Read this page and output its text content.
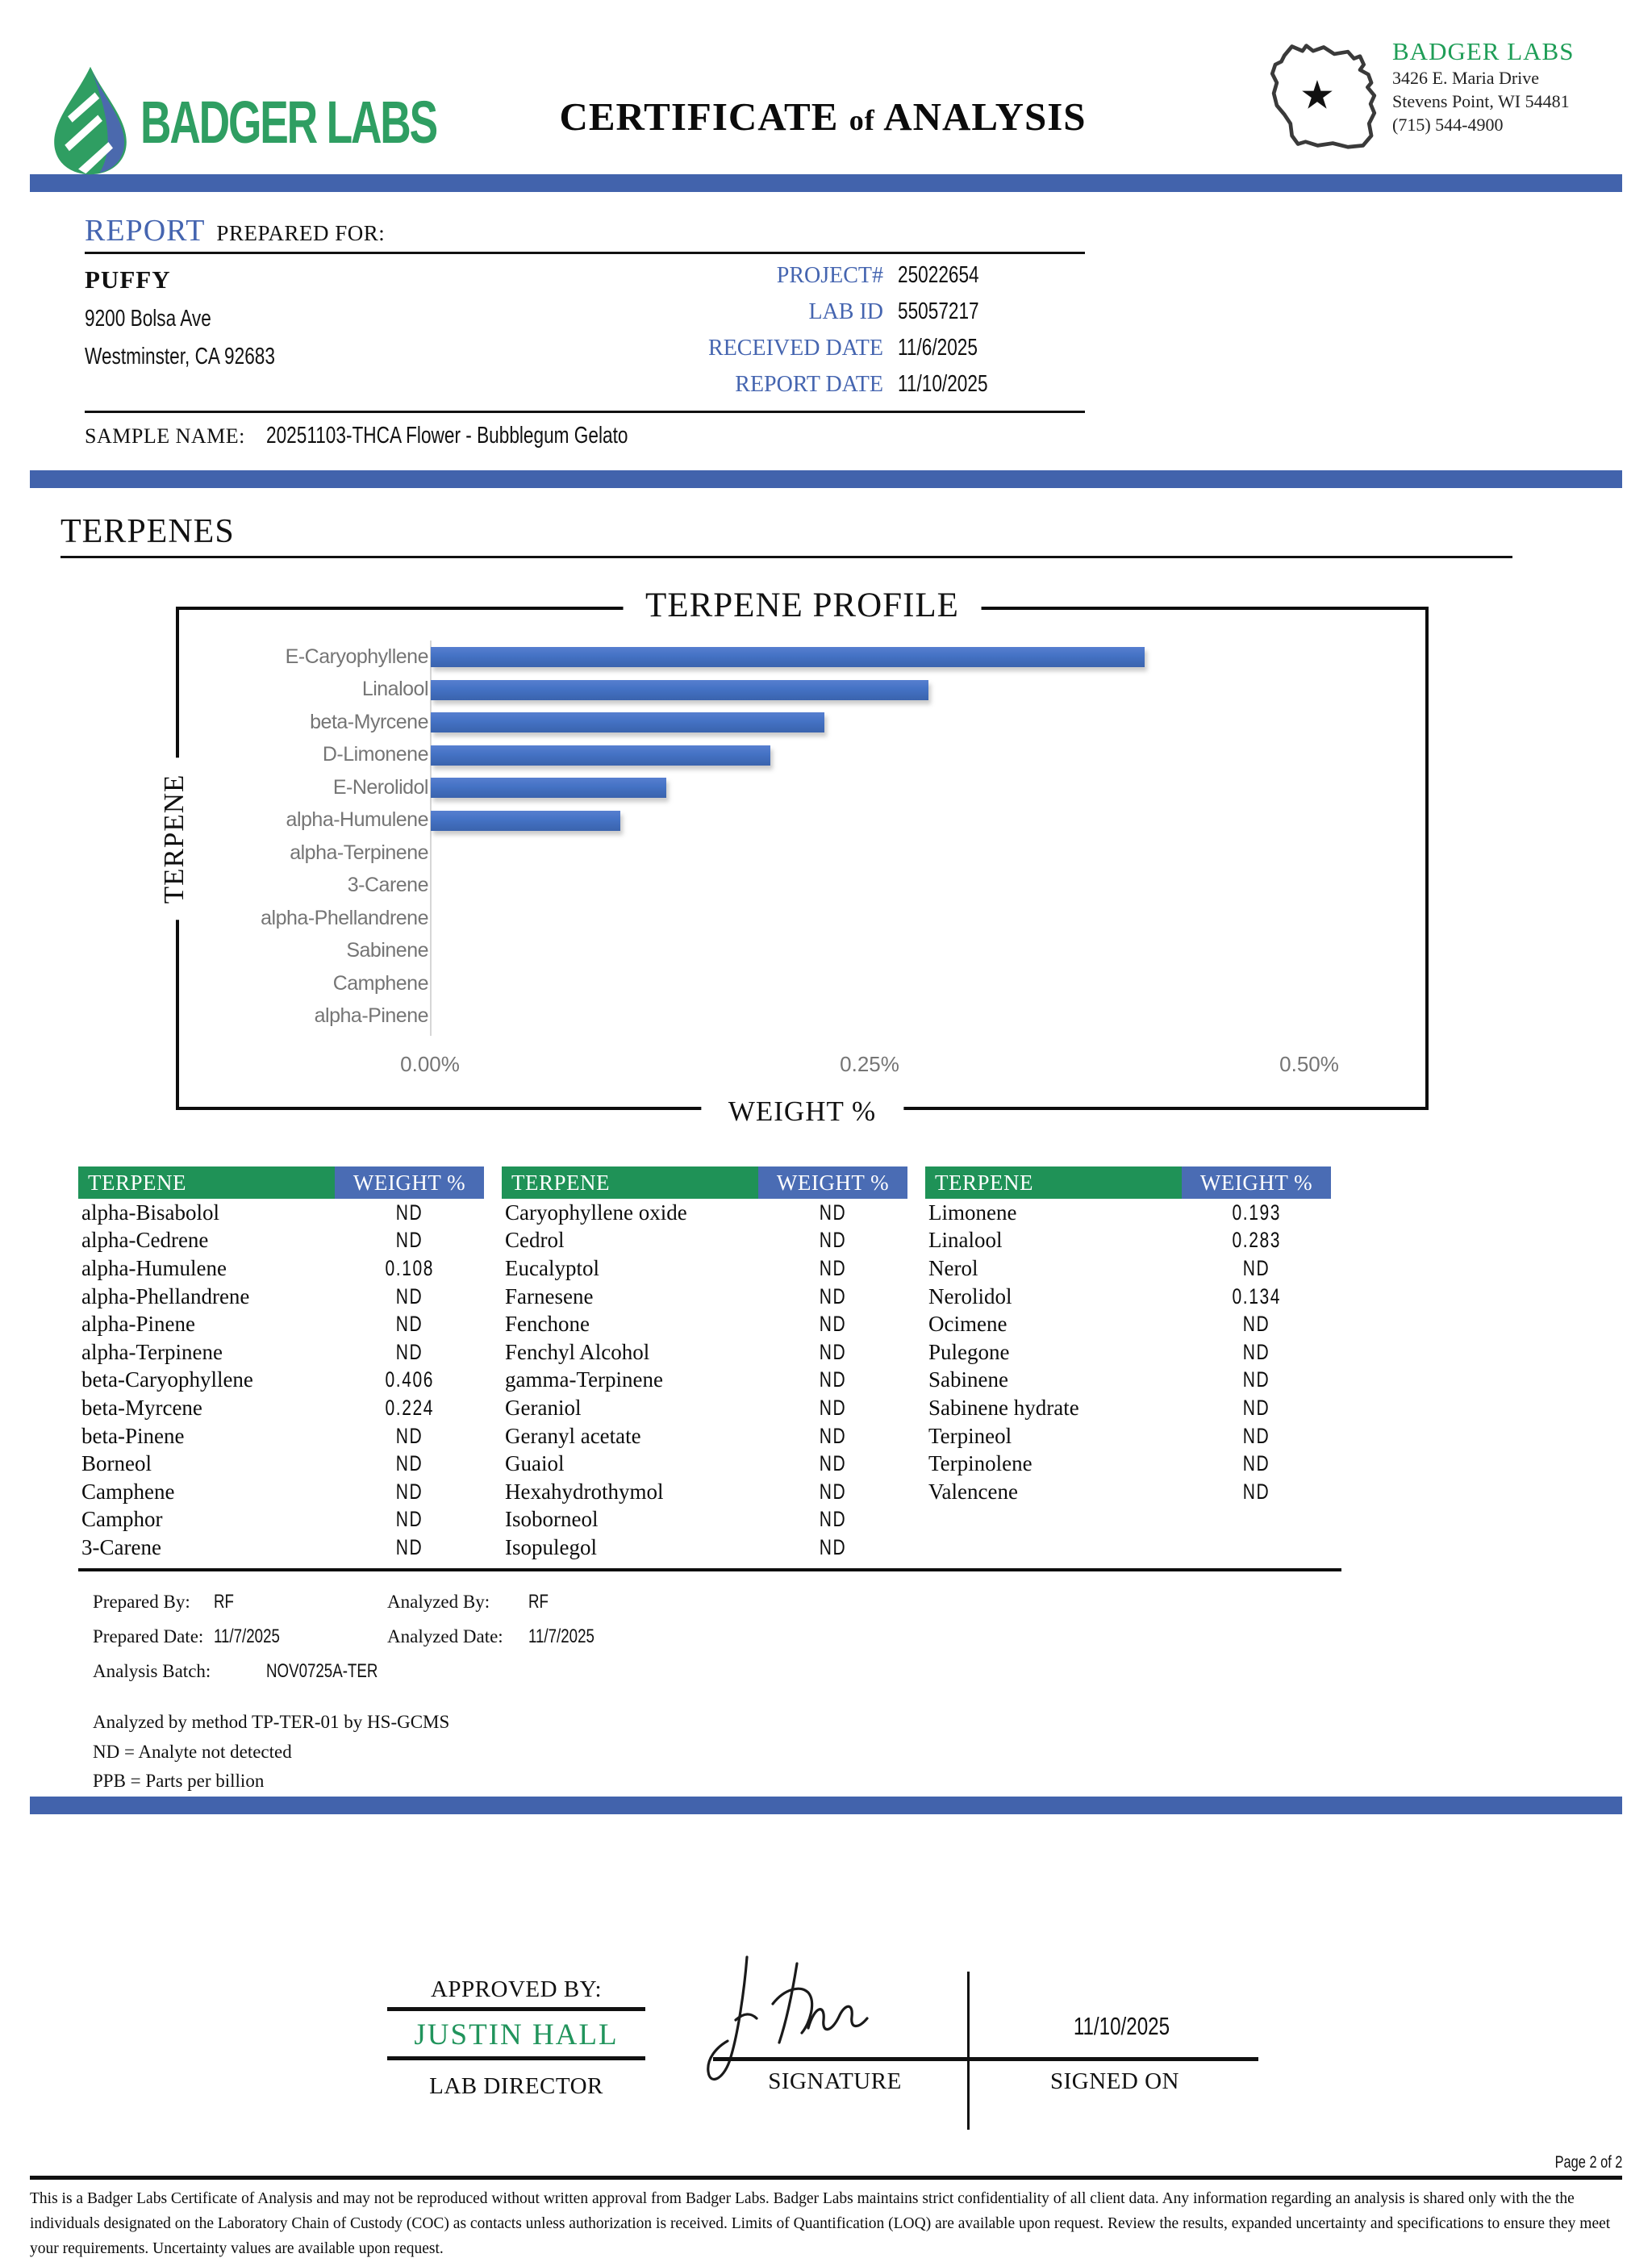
BADGER LABS	CERTIFICATE of ANALYSIS	★
BADGER LABS
3426 E. Maria Drive
Stevens Point, WI 54481
(715) 544-4900
REPORT PREPARED FOR:
PUFFY
9200 Bolsa Ave
Westminster, CA 92683
PROJECT# 25022654
LAB ID 55057217
RECEIVED DATE 11/6/2025
REPORT DATE 11/10/2025
SAMPLE NAME: 20251103-THCA Flower - Bubblegum Gelato
TERPENES
TERPENE PROFILE
TERPENE
E-Caryophyllene
Linalool
beta-Myrcene
D-Limonene
E-Nerolidol
alpha-Humulene
alpha-Terpinene
3-Carene
alpha-Phellandrene
Sabinene
Camphene
alpha-Pinene
0.00%	0.25%	0.50%
WEIGHT %
TERPENE	WEIGHT %
alpha-Bisabolol	ND
alpha-Cedrene	ND
alpha-Humulene	0.108
alpha-Phellandrene	ND
alpha-Pinene	ND
alpha-Terpinene	ND
beta-Caryophyllene	0.406
beta-Myrcene	0.224
beta-Pinene	ND
Borneol	ND
Camphene	ND
Camphor	ND
3-Carene	ND
TERPENE	WEIGHT %
Caryophyllene oxide	ND
Cedrol	ND
Eucalyptol	ND
Farnesene	ND
Fenchone	ND
Fenchyl Alcohol	ND
gamma-Terpinene	ND
Geraniol	ND
Geranyl acetate	ND
Guaiol	ND
Hexahydrothymol	ND
Isoborneol	ND
Isopulegol	ND
TERPENE	WEIGHT %
Limonene	0.193
Linalool	0.283
Nerol	ND
Nerolidol	0.134
Ocimene	ND
Pulegone	ND
Sabinene	ND
Sabinene hydrate	ND
Terpineol	ND
Terpinolene	ND
Valencene	ND
Prepared By:	RF	Analyzed By:	RF
Prepared Date: 11/7/2025	Analyzed Date:	11/7/2025
Analysis Batch:	NOV0725A-TER
Analyzed by method TP-TER-01 by HS-GCMS
ND = Analyte not detected
PPB = Parts per billion
APPROVED BY:
JUSTIN HALL
LAB DIRECTOR
11/10/2025
SIGNATURE	SIGNED ON
Page 2 of 2
This is a Badger Labs Certificate of Analysis and may not be reproduced without written approval from Badger Labs. Badger Labs maintains strict confidentiality of all client data. Any information regarding an analysis is shared only with the the individuals designated on the Laboratory Chain of Custody (COC) as contacts unless authorization is received. Limits of Quantification (LOQ) are available upon request. Review the results, expanded uncertainty and specifications to ensure they meet your requirements. Uncertainty values are available upon request.
